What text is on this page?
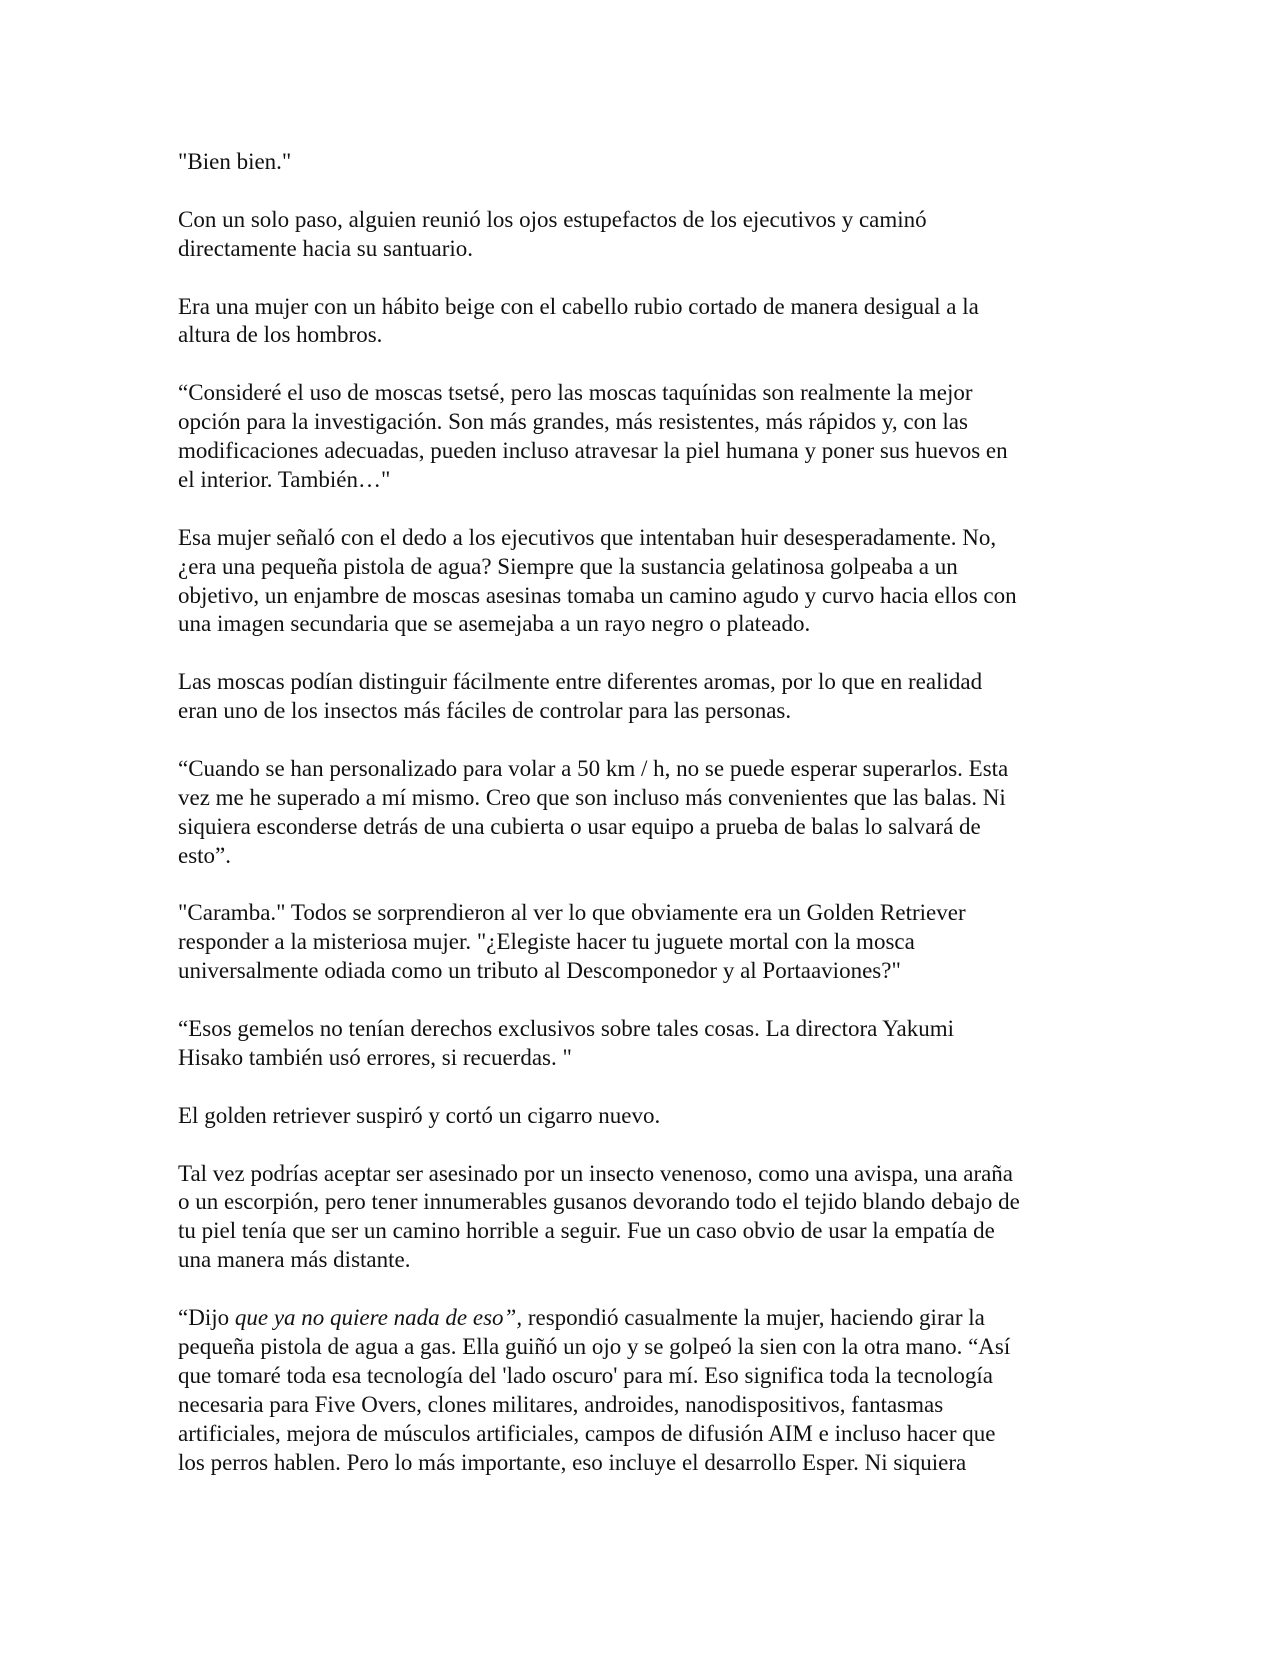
"Bien bien."

Con un solo paso, alguien reunió los ojos estupefactos de los ejecutivos y caminó
directamente hacia su santuario.

Era una mujer con un hábito beige con el cabello rubio cortado de manera desigual a la
altura de los hombros.

“Consideré el uso de moscas tsetsé, pero las moscas taquínidas son realmente la mejor
opción para la investigación. Son más grandes, más resistentes, más rápidos y, con las
modificaciones adecuadas, pueden incluso atravesar la piel humana y poner sus huevos en
el interior. También…"

Esa mujer señaló con el dedo a los ejecutivos que intentaban huir desesperadamente. No,
¿era una pequeña pistola de agua? Siempre que la sustancia gelatinosa golpeaba a un
objetivo, un enjambre de moscas asesinas tomaba un camino agudo y curvo hacia ellos con
una imagen secundaria que se asemejaba a un rayo negro o plateado.

Las moscas podían distinguir fácilmente entre diferentes aromas, por lo que en realidad
eran uno de los insectos más fáciles de controlar para las personas.

“Cuando se han personalizado para volar a 50 km / h, no se puede esperar superarlos. Esta
vez me he superado a mí mismo. Creo que son incluso más convenientes que las balas. Ni
siquiera esconderse detrás de una cubierta o usar equipo a prueba de balas lo salvará de
esto”.

"Caramba." Todos se sorprendieron al ver lo que obviamente era un Golden Retriever
responder a la misteriosa mujer. "¿Elegiste hacer tu juguete mortal con la mosca
universalmente odiada como un tributo al Descomponedor y al Portaaviones?"

“Esos gemelos no tenían derechos exclusivos sobre tales cosas. La directora Yakumi
Hisako también usó errores, si recuerdas. "

El golden retriever suspiró y cortó un cigarro nuevo.

Tal vez podrías aceptar ser asesinado por un insecto venenoso, como una avispa, una araña
o un escorpión, pero tener innumerables gusanos devorando todo el tejido blando debajo de
tu piel tenía que ser un camino horrible a seguir. Fue un caso obvio de usar la empatía de
una manera más distante.

“Dijo que ya no quiere nada de eso”, respondió casualmente la mujer, haciendo girar la
pequeña pistola de agua a gas. Ella guiñó un ojo y se golpeó la sien con la otra mano. “Así
que tomaré toda esa tecnología del 'lado oscuro' para mí. Eso significa toda la tecnología
necesaria para Five Overs, clones militares, androides, nanodispositivos, fantasmas
artificiales, mejora de músculos artificiales, campos de difusión AIM e incluso hacer que
los perros hablen. Pero lo más importante, eso incluye el desarrollo Esper. Ni siquiera
